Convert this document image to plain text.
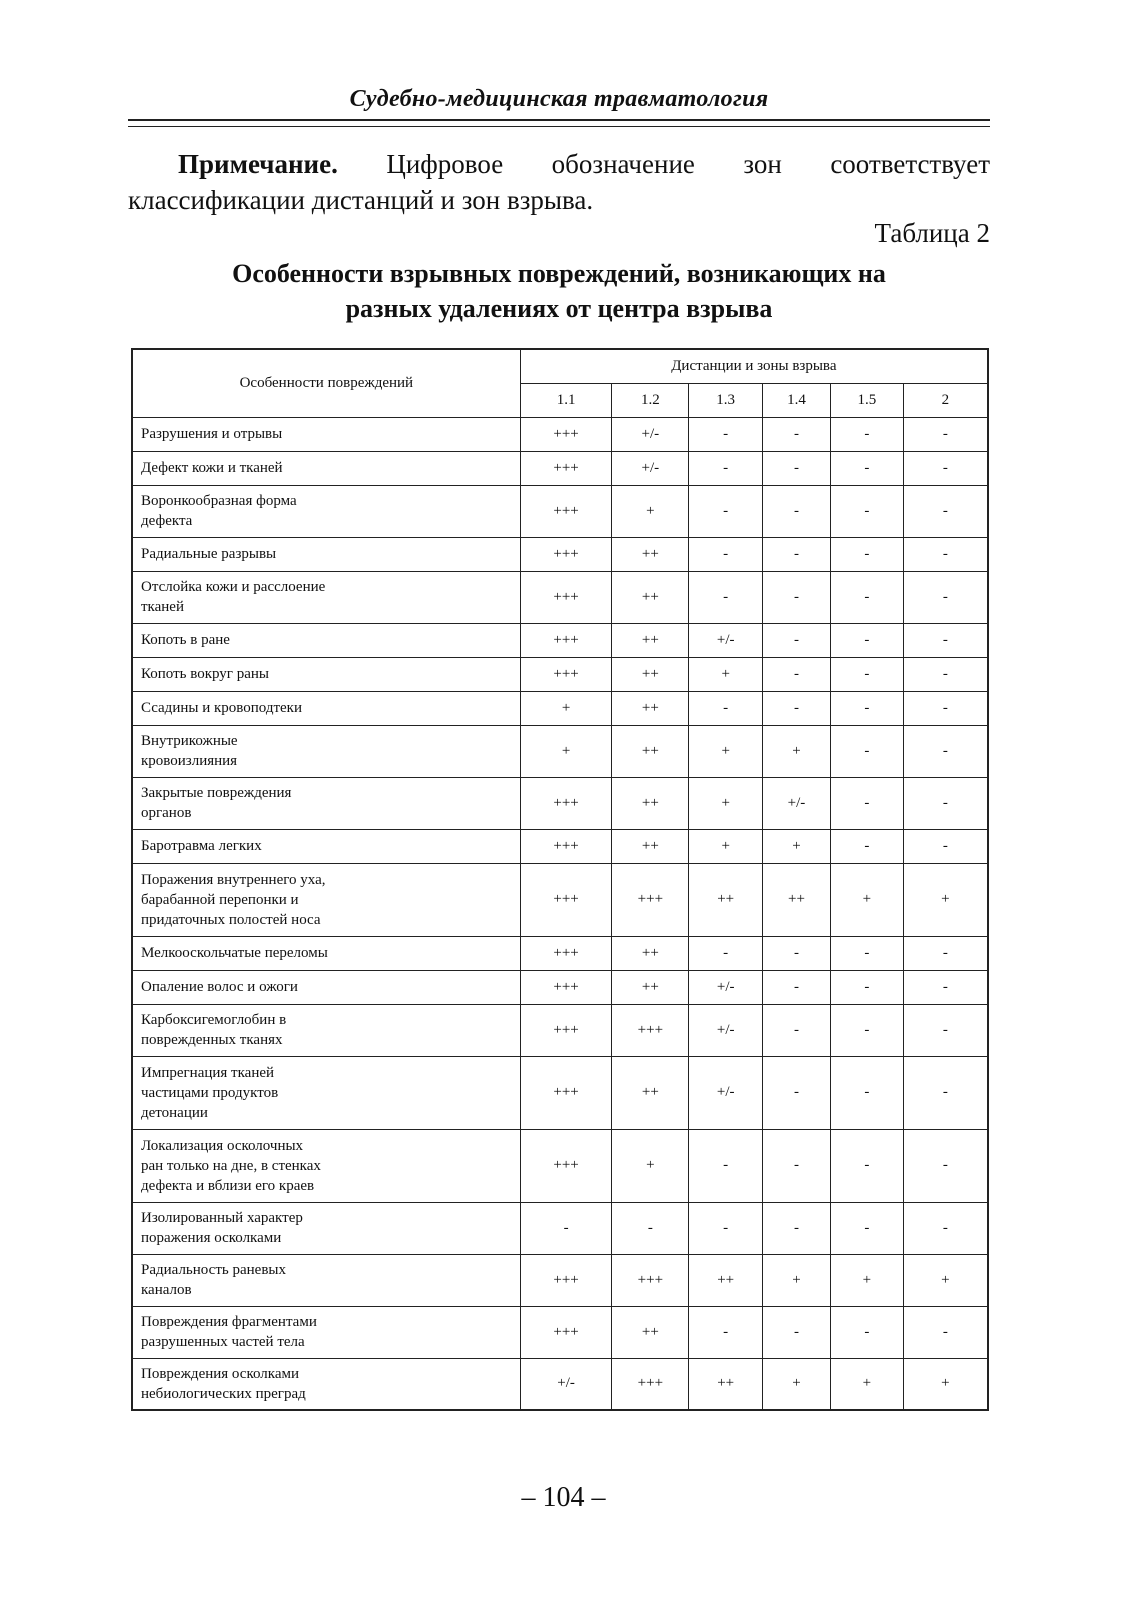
Судебно-медицинская травматология
Примечание. Цифровое обозначение зон соответствует классификации дистанций и зон взрыва.
Таблица 2
Особенности взрывных повреждений, возникающих на
разных удалениях от центра взрыва
Особенности повреждений	Дистанции и зоны взрыва					
	1.1	1.2	1.3	1.4	1.5	2
Разрушения и отрывы	+++	+/-	-	-	-	-
Дефект кожи и тканей	+++	+/-	-	-	-	-
Воронкообразная форма
дефекта	+++	+	-	-	-	-
Радиальные разрывы	+++	++	-	-	-	-
Отслойка кожи и расслоение
тканей	+++	++	-	-	-	-
Копоть в ране	+++	++	+/-	-	-	-
Копоть вокруг раны	+++	++	+	-	-	-
Ссадины и кровоподтеки	+	++	-	-	-	-
Внутрикожные
кровоизлияния	+	++	+	+	-	-
Закрытые повреждения
органов	+++	++	+	+/-	-	-
Баротравма легких	+++	++	+	+	-	-
Поражения внутреннего уха,
барабанной перепонки и
придаточных полостей носа	+++	+++	++	++	+	+
Мелкооскольчатые переломы	+++	++	-	-	-	-
Опаление волос и ожоги	+++	++	+/-	-	-	-
Карбоксигемоглобин в
поврежденных тканях	+++	+++	+/-	-	-	-
Импрегнация тканей
частицами продуктов
детонации	+++	++	+/-	-	-	-
Локализация осколочных
ран только на дне, в стенках
дефекта и вблизи его краев	+++	+	-	-	-	-
Изолированный характер
поражения осколками	-	-	-	-	-	-
Радиальность раневых
каналов	+++	+++	++	+	+	+
Повреждения фрагментами
разрушенных частей тела	+++	++	-	-	-	-
Повреждения осколками
небиологических преград	+/-	+++	++	+	+	+
– 104 –
